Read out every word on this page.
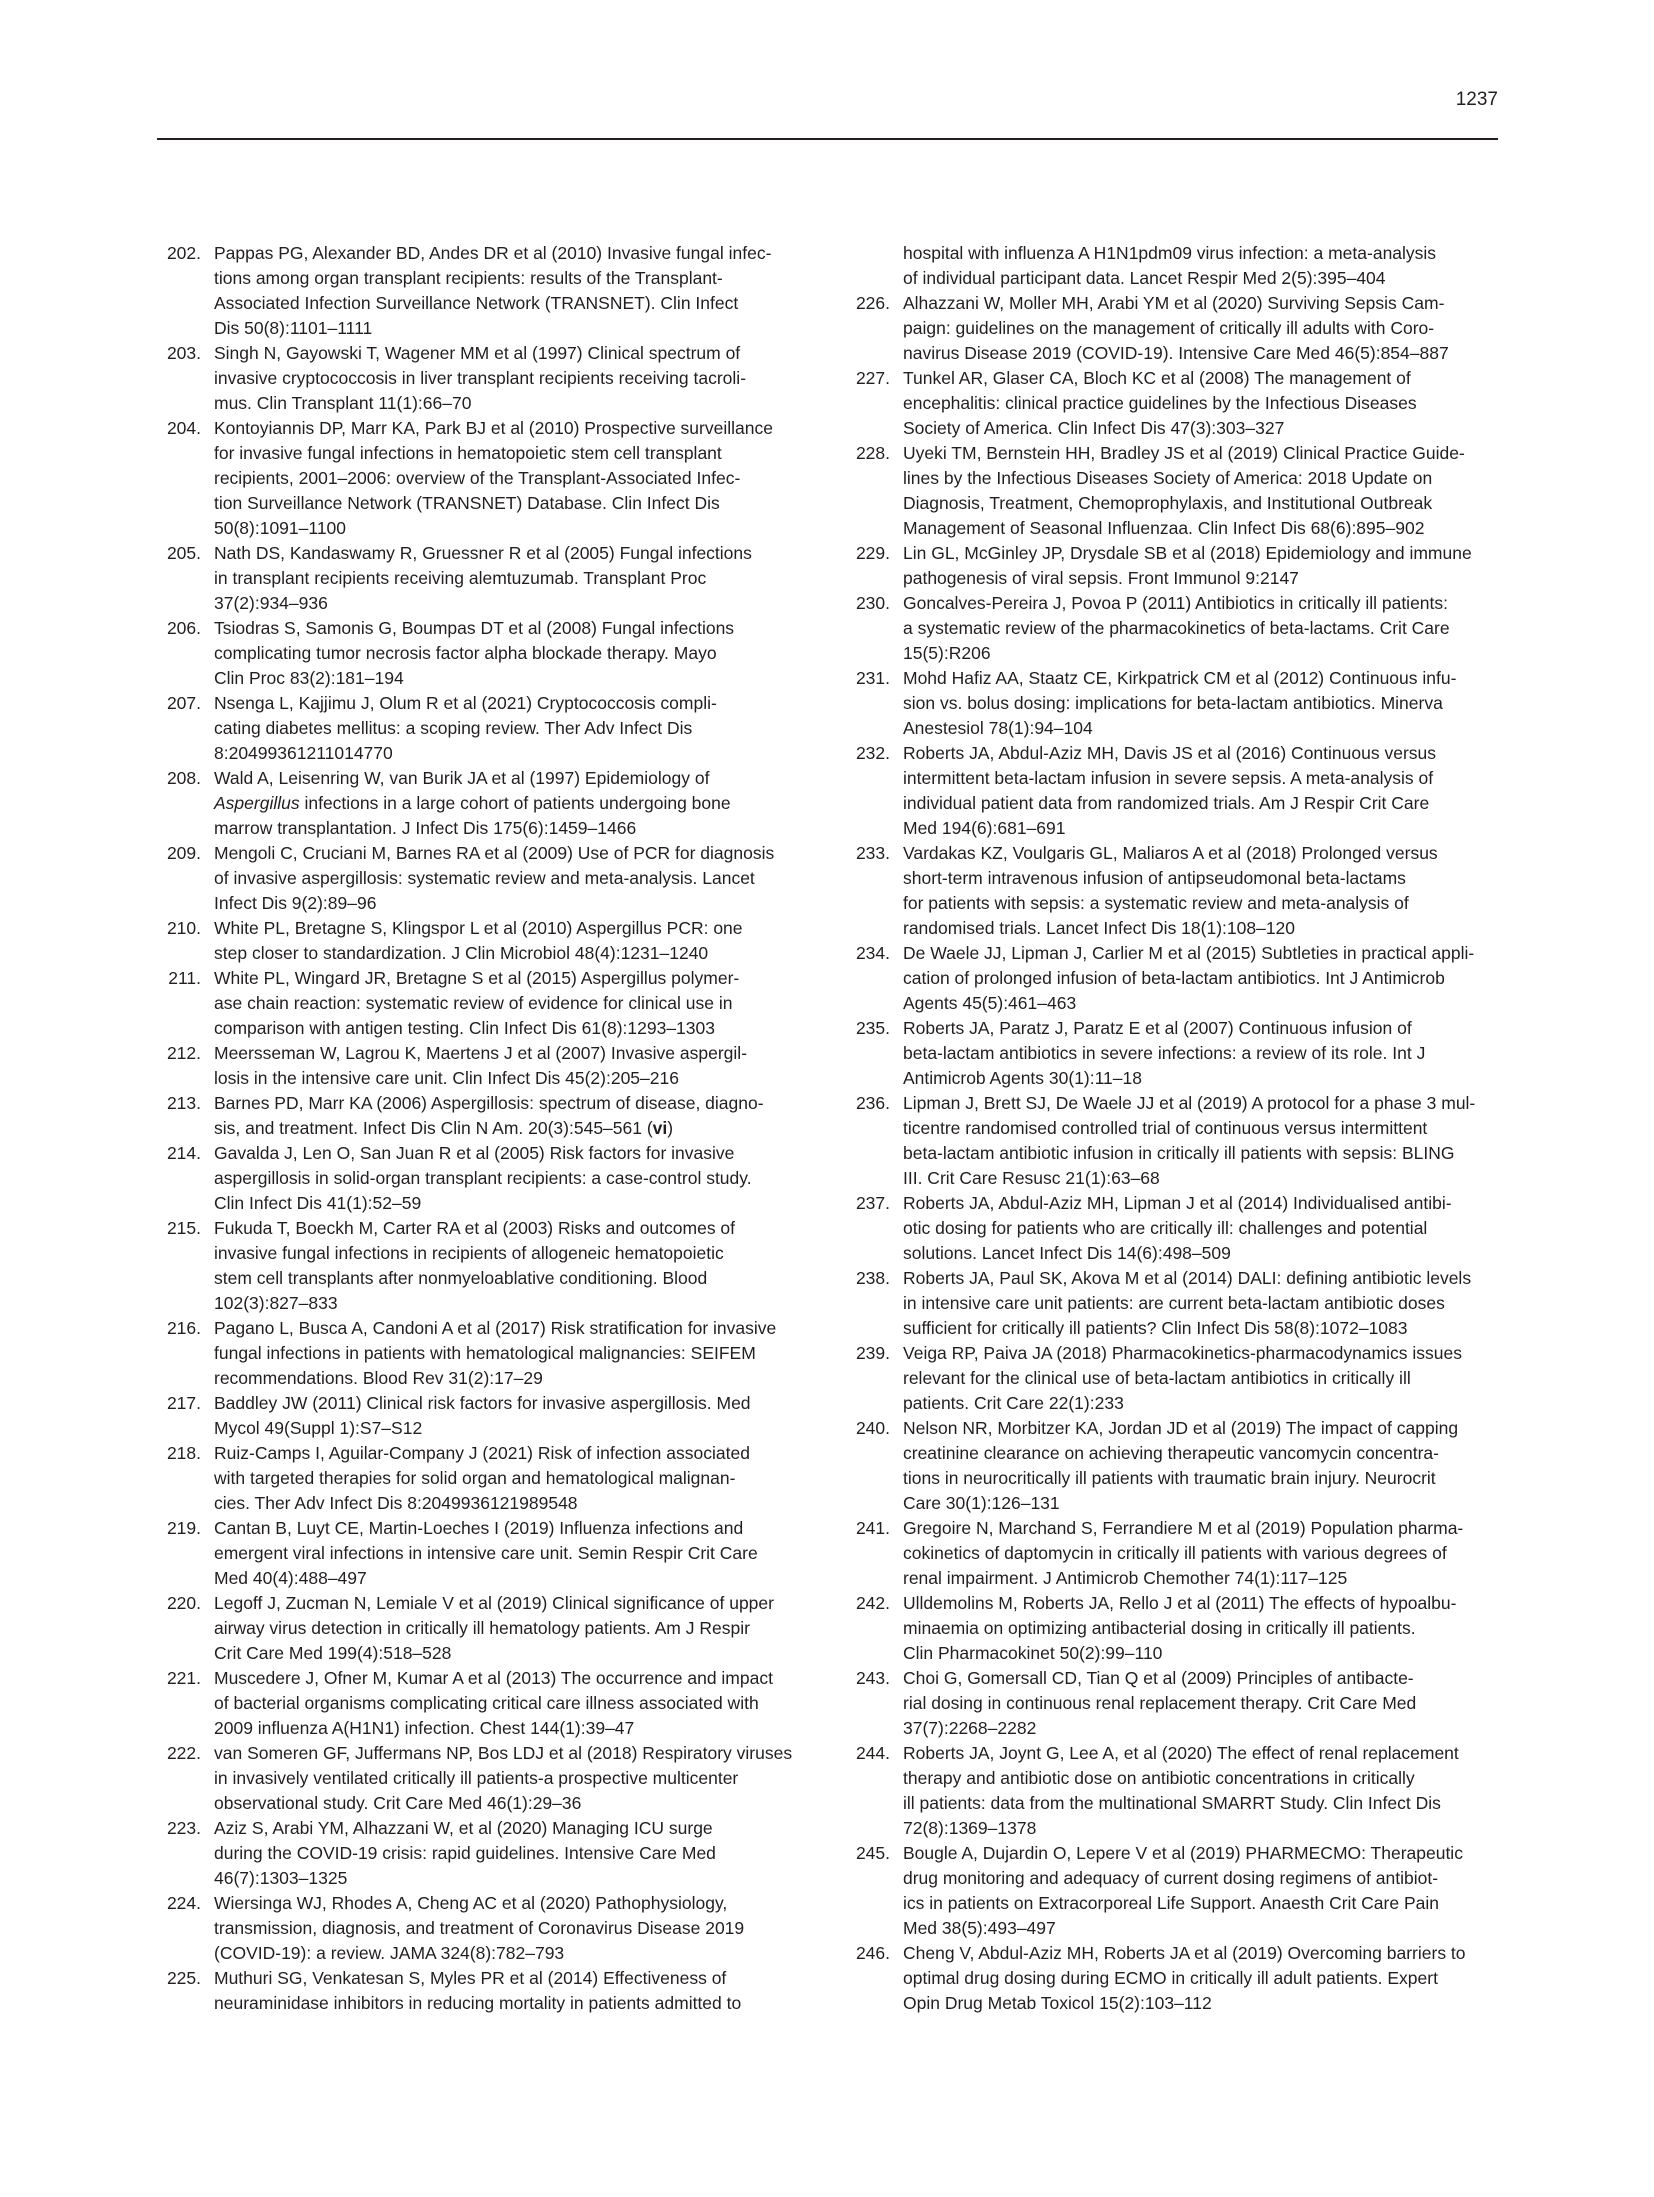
1237
202. Pappas PG, Alexander BD, Andes DR et al (2010) Invasive fungal infec-
tions among organ transplant recipients: results of the Transplant-
Associated Infection Surveillance Network (TRANSNET). Clin Infect
Dis 50(8):1101–1111
203. Singh N, Gayowski T, Wagener MM et al (1997) Clinical spectrum of
invasive cryptococcosis in liver transplant recipients receiving tacroli-
mus. Clin Transplant 11(1):66–70
204. Kontoyiannis DP, Marr KA, Park BJ et al (2010) Prospective surveillance
for invasive fungal infections in hematopoietic stem cell transplant
recipients, 2001–2006: overview of the Transplant-Associated Infec-
tion Surveillance Network (TRANSNET) Database. Clin Infect Dis
50(8):1091–1100
205. Nath DS, Kandaswamy R, Gruessner R et al (2005) Fungal infections
in transplant recipients receiving alemtuzumab. Transplant Proc
37(2):934–936
206. Tsiodras S, Samonis G, Boumpas DT et al (2008) Fungal infections
complicating tumor necrosis factor alpha blockade therapy. Mayo
Clin Proc 83(2):181–194
207. Nsenga L, Kajjimu J, Olum R et al (2021) Cryptococcosis compli-
cating diabetes mellitus: a scoping review. Ther Adv Infect Dis
8:20499361211014770
208. Wald A, Leisenring W, van Burik JA et al (1997) Epidemiology of
Aspergillus infections in a large cohort of patients undergoing bone
marrow transplantation. J Infect Dis 175(6):1459–1466
209. Mengoli C, Cruciani M, Barnes RA et al (2009) Use of PCR for diagnosis
of invasive aspergillosis: systematic review and meta-analysis. Lancet
Infect Dis 9(2):89–96
210. White PL, Bretagne S, Klingspor L et al (2010) Aspergillus PCR: one
step closer to standardization. J Clin Microbiol 48(4):1231–1240
211. White PL, Wingard JR, Bretagne S et al (2015) Aspergillus polymer-
ase chain reaction: systematic review of evidence for clinical use in
comparison with antigen testing. Clin Infect Dis 61(8):1293–1303
212. Meersseman W, Lagrou K, Maertens J et al (2007) Invasive aspergil-
losis in the intensive care unit. Clin Infect Dis 45(2):205–216
213. Barnes PD, Marr KA (2006) Aspergillosis: spectrum of disease, diagno-
sis, and treatment. Infect Dis Clin N Am. 20(3):545–561 (vi)
214. Gavalda J, Len O, San Juan R et al (2005) Risk factors for invasive
aspergillosis in solid-organ transplant recipients: a case-control study.
Clin Infect Dis 41(1):52–59
215. Fukuda T, Boeckh M, Carter RA et al (2003) Risks and outcomes of
invasive fungal infections in recipients of allogeneic hematopoietic
stem cell transplants after nonmyeloablative conditioning. Blood
102(3):827–833
216. Pagano L, Busca A, Candoni A et al (2017) Risk stratification for invasive
fungal infections in patients with hematological malignancies: SEIFEM
recommendations. Blood Rev 31(2):17–29
217. Baddley JW (2011) Clinical risk factors for invasive aspergillosis. Med
Mycol 49(Suppl 1):S7–S12
218. Ruiz-Camps I, Aguilar-Company J (2021) Risk of infection associated
with targeted therapies for solid organ and hematological malignan-
cies. Ther Adv Infect Dis 8:2049936121989548
219. Cantan B, Luyt CE, Martin-Loeches I (2019) Influenza infections and
emergent viral infections in intensive care unit. Semin Respir Crit Care
Med 40(4):488–497
220. Legoff J, Zucman N, Lemiale V et al (2019) Clinical significance of upper
airway virus detection in critically ill hematology patients. Am J Respir
Crit Care Med 199(4):518–528
221. Muscedere J, Ofner M, Kumar A et al (2013) The occurrence and impact
of bacterial organisms complicating critical care illness associated with
2009 influenza A(H1N1) infection. Chest 144(1):39–47
222. van Someren GF, Juffermans NP, Bos LDJ et al (2018) Respiratory viruses
in invasively ventilated critically ill patients-a prospective multicenter
observational study. Crit Care Med 46(1):29–36
223. Aziz S, Arabi YM, Alhazzani W, et al (2020) Managing ICU surge
during the COVID-19 crisis: rapid guidelines. Intensive Care Med
46(7):1303–1325
224. Wiersinga WJ, Rhodes A, Cheng AC et al (2020) Pathophysiology,
transmission, diagnosis, and treatment of Coronavirus Disease 2019
(COVID-19): a review. JAMA 324(8):782–793
225. Muthuri SG, Venkatesan S, Myles PR et al (2014) Effectiveness of
neuraminidase inhibitors in reducing mortality in patients admitted to
hospital with influenza A H1N1pdm09 virus infection: a meta-analysis
of individual participant data. Lancet Respir Med 2(5):395–404
226. Alhazzani W, Moller MH, Arabi YM et al (2020) Surviving Sepsis Cam-
paign: guidelines on the management of critically ill adults with Coro-
navirus Disease 2019 (COVID-19). Intensive Care Med 46(5):854–887
227. Tunkel AR, Glaser CA, Bloch KC et al (2008) The management of
encephalitis: clinical practice guidelines by the Infectious Diseases
Society of America. Clin Infect Dis 47(3):303–327
228. Uyeki TM, Bernstein HH, Bradley JS et al (2019) Clinical Practice Guide-
lines by the Infectious Diseases Society of America: 2018 Update on
Diagnosis, Treatment, Chemoprophylaxis, and Institutional Outbreak
Management of Seasonal Influenzaa. Clin Infect Dis 68(6):895–902
229. Lin GL, McGinley JP, Drysdale SB et al (2018) Epidemiology and immune
pathogenesis of viral sepsis. Front Immunol 9:2147
230. Goncalves-Pereira J, Povoa P (2011) Antibiotics in critically ill patients:
a systematic review of the pharmacokinetics of beta-lactams. Crit Care
15(5):R206
231. Mohd Hafiz AA, Staatz CE, Kirkpatrick CM et al (2012) Continuous infu-
sion vs. bolus dosing: implications for beta-lactam antibiotics. Minerva
Anestesiol 78(1):94–104
232. Roberts JA, Abdul-Aziz MH, Davis JS et al (2016) Continuous versus
intermittent beta-lactam infusion in severe sepsis. A meta-analysis of
individual patient data from randomized trials. Am J Respir Crit Care
Med 194(6):681–691
233. Vardakas KZ, Voulgaris GL, Maliaros A et al (2018) Prolonged versus
short-term intravenous infusion of antipseudomonal beta-lactams
for patients with sepsis: a systematic review and meta-analysis of
randomised trials. Lancet Infect Dis 18(1):108–120
234. De Waele JJ, Lipman J, Carlier M et al (2015) Subtleties in practical appli-
cation of prolonged infusion of beta-lactam antibiotics. Int J Antimicrob
Agents 45(5):461–463
235. Roberts JA, Paratz J, Paratz E et al (2007) Continuous infusion of
beta-lactam antibiotics in severe infections: a review of its role. Int J
Antimicrob Agents 30(1):11–18
236. Lipman J, Brett SJ, De Waele JJ et al (2019) A protocol for a phase 3 mul-
ticentre randomised controlled trial of continuous versus intermittent
beta-lactam antibiotic infusion in critically ill patients with sepsis: BLING
III. Crit Care Resusc 21(1):63–68
237. Roberts JA, Abdul-Aziz MH, Lipman J et al (2014) Individualised antibi-
otic dosing for patients who are critically ill: challenges and potential
solutions. Lancet Infect Dis 14(6):498–509
238. Roberts JA, Paul SK, Akova M et al (2014) DALI: defining antibiotic levels
in intensive care unit patients: are current beta-lactam antibiotic doses
sufficient for critically ill patients? Clin Infect Dis 58(8):1072–1083
239. Veiga RP, Paiva JA (2018) Pharmacokinetics-pharmacodynamics issues
relevant for the clinical use of beta-lactam antibiotics in critically ill
patients. Crit Care 22(1):233
240. Nelson NR, Morbitzer KA, Jordan JD et al (2019) The impact of capping
creatinine clearance on achieving therapeutic vancomycin concentra-
tions in neurocritically ill patients with traumatic brain injury. Neurocrit
Care 30(1):126–131
241. Gregoire N, Marchand S, Ferrandiere M et al (2019) Population pharma-
cokinetics of daptomycin in critically ill patients with various degrees of
renal impairment. J Antimicrob Chemother 74(1):117–125
242. Ulldemolins M, Roberts JA, Rello J et al (2011) The effects of hypoalbu-
minaemia on optimizing antibacterial dosing in critically ill patients.
Clin Pharmacokinet 50(2):99–110
243. Choi G, Gomersall CD, Tian Q et al (2009) Principles of antibacte-
rial dosing in continuous renal replacement therapy. Crit Care Med
37(7):2268–2282
244. Roberts JA, Joynt G, Lee A, et al (2020) The effect of renal replacement
therapy and antibiotic dose on antibiotic concentrations in critically
ill patients: data from the multinational SMARRT Study. Clin Infect Dis
72(8):1369–1378
245. Bougle A, Dujardin O, Lepere V et al (2019) PHARMECMO: Therapeutic
drug monitoring and adequacy of current dosing regimens of antibiot-
ics in patients on Extracorporeal Life Support. Anaesth Crit Care Pain
Med 38(5):493–497
246. Cheng V, Abdul-Aziz MH, Roberts JA et al (2019) Overcoming barriers to
optimal drug dosing during ECMO in critically ill adult patients. Expert
Opin Drug Metab Toxicol 15(2):103–112
